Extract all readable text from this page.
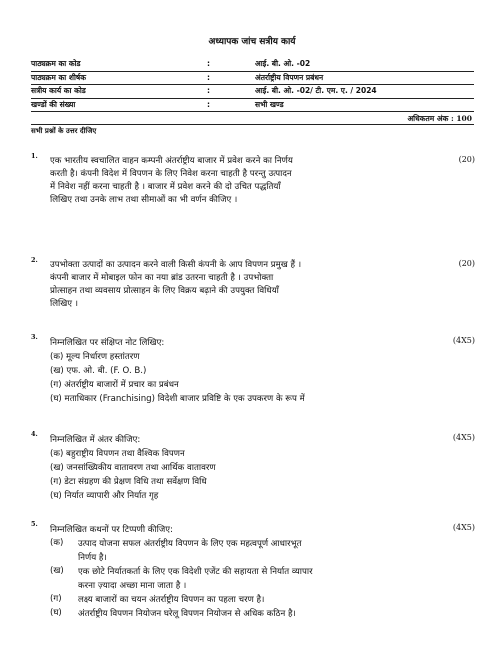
अध्यापक जांच सत्रीय कार्य
पाठ्यक्रम का कोड	:	आई. बी. ओ. -02
पाठ्यक्रम का शीर्षक	:	अंतर्राष्ट्रीय विपणन प्रबंधन
सत्रीय कार्य का कोड	:	आई. बी. ओ. -02/ टी. एम. ए. / 2024
खण्डों की संख्या	:	सभी खण्ड
अधिकतम अंक : 100
सभी प्रश्नों के उत्तर दीजिए
1.	(20)

एक भारतीय स्वचालित वाहन कम्पनी अंतर्राष्ट्रीय बाजार में प्रवेश करने का निर्णय

करती है। कंपनी विदेश में विपणन के लिए निवेश करना चाहती है परन्तु उत्पादन

में निवेश नहीं करना चाहती है । बाजार में प्रवेश करने की दो उचित पद्धतियाँ

लिखिए तथा उनके लाभ तथा सीमाओं का भी वर्णन कीजिए ।

2.	(20)

उपभोक्ता उत्पादों का उत्पादन करने वाली किसी कंपनी के आप विपणन प्रमुख हैं ।

कंपनी बाजार में मोबाइल फोन का नया ब्रांड उतरना चाहती है । उपभोक्ता

प्रोत्साहन तथा व्यवसाय प्रोत्साहन के लिए विक्रय बढ़ाने की उपयुक्त विधियाँ

लिखिए ।

3.	(4X5)
निम्नलिखित पर संक्षिप्त नोट लिखिए:
(क) मूल्य निर्धारण हस्तांतरण
(ख) एफ. ओ. बी. (F. O. B.)
(ग) अंतर्राष्ट्रीय बाजारों में प्रचार का प्रबंधन
(घ) मताधिकार (Franchising) विदेशी बाजार प्रविष्टि के एक उपकरण के रूप में
4.	(4X5)
निम्नलिखित में अंतर कीजिए:
(क) बहुराष्ट्रीय विपणन तथा वैश्विक विपणन
(ख) जनसांख्यिकीय वातावरण तथा आर्थिक वातावरण
(ग) डेटा संग्रहण की प्रेक्षण विधि तथा सर्वेक्षण विधि
(घ) निर्यात व्यापारी और निर्यात गृह
5.	(4X5)
निम्नलिखित कथनों पर टिप्पणी कीजिए:
(क)	उत्पाद योजना सफल अंतर्राष्ट्रीय विपणन के लिए एक महत्वपूर्ण आधारभूत
निर्णय है।
(ख)	एक छोटे निर्यातकर्ता के लिए एक विदेशी एजेंट की सहायता से निर्यात व्यापार
करना ज़्यादा अच्छा माना जाता है ।
(ग)	लक्ष्य बाजारों का चयन अंतर्राष्ट्रीय विपणन का पहला चरण है।
(घ)	अंतर्राष्ट्रीय विपणन नियोजन घरेलू विपणन नियोजन से अधिक कठिन है।
